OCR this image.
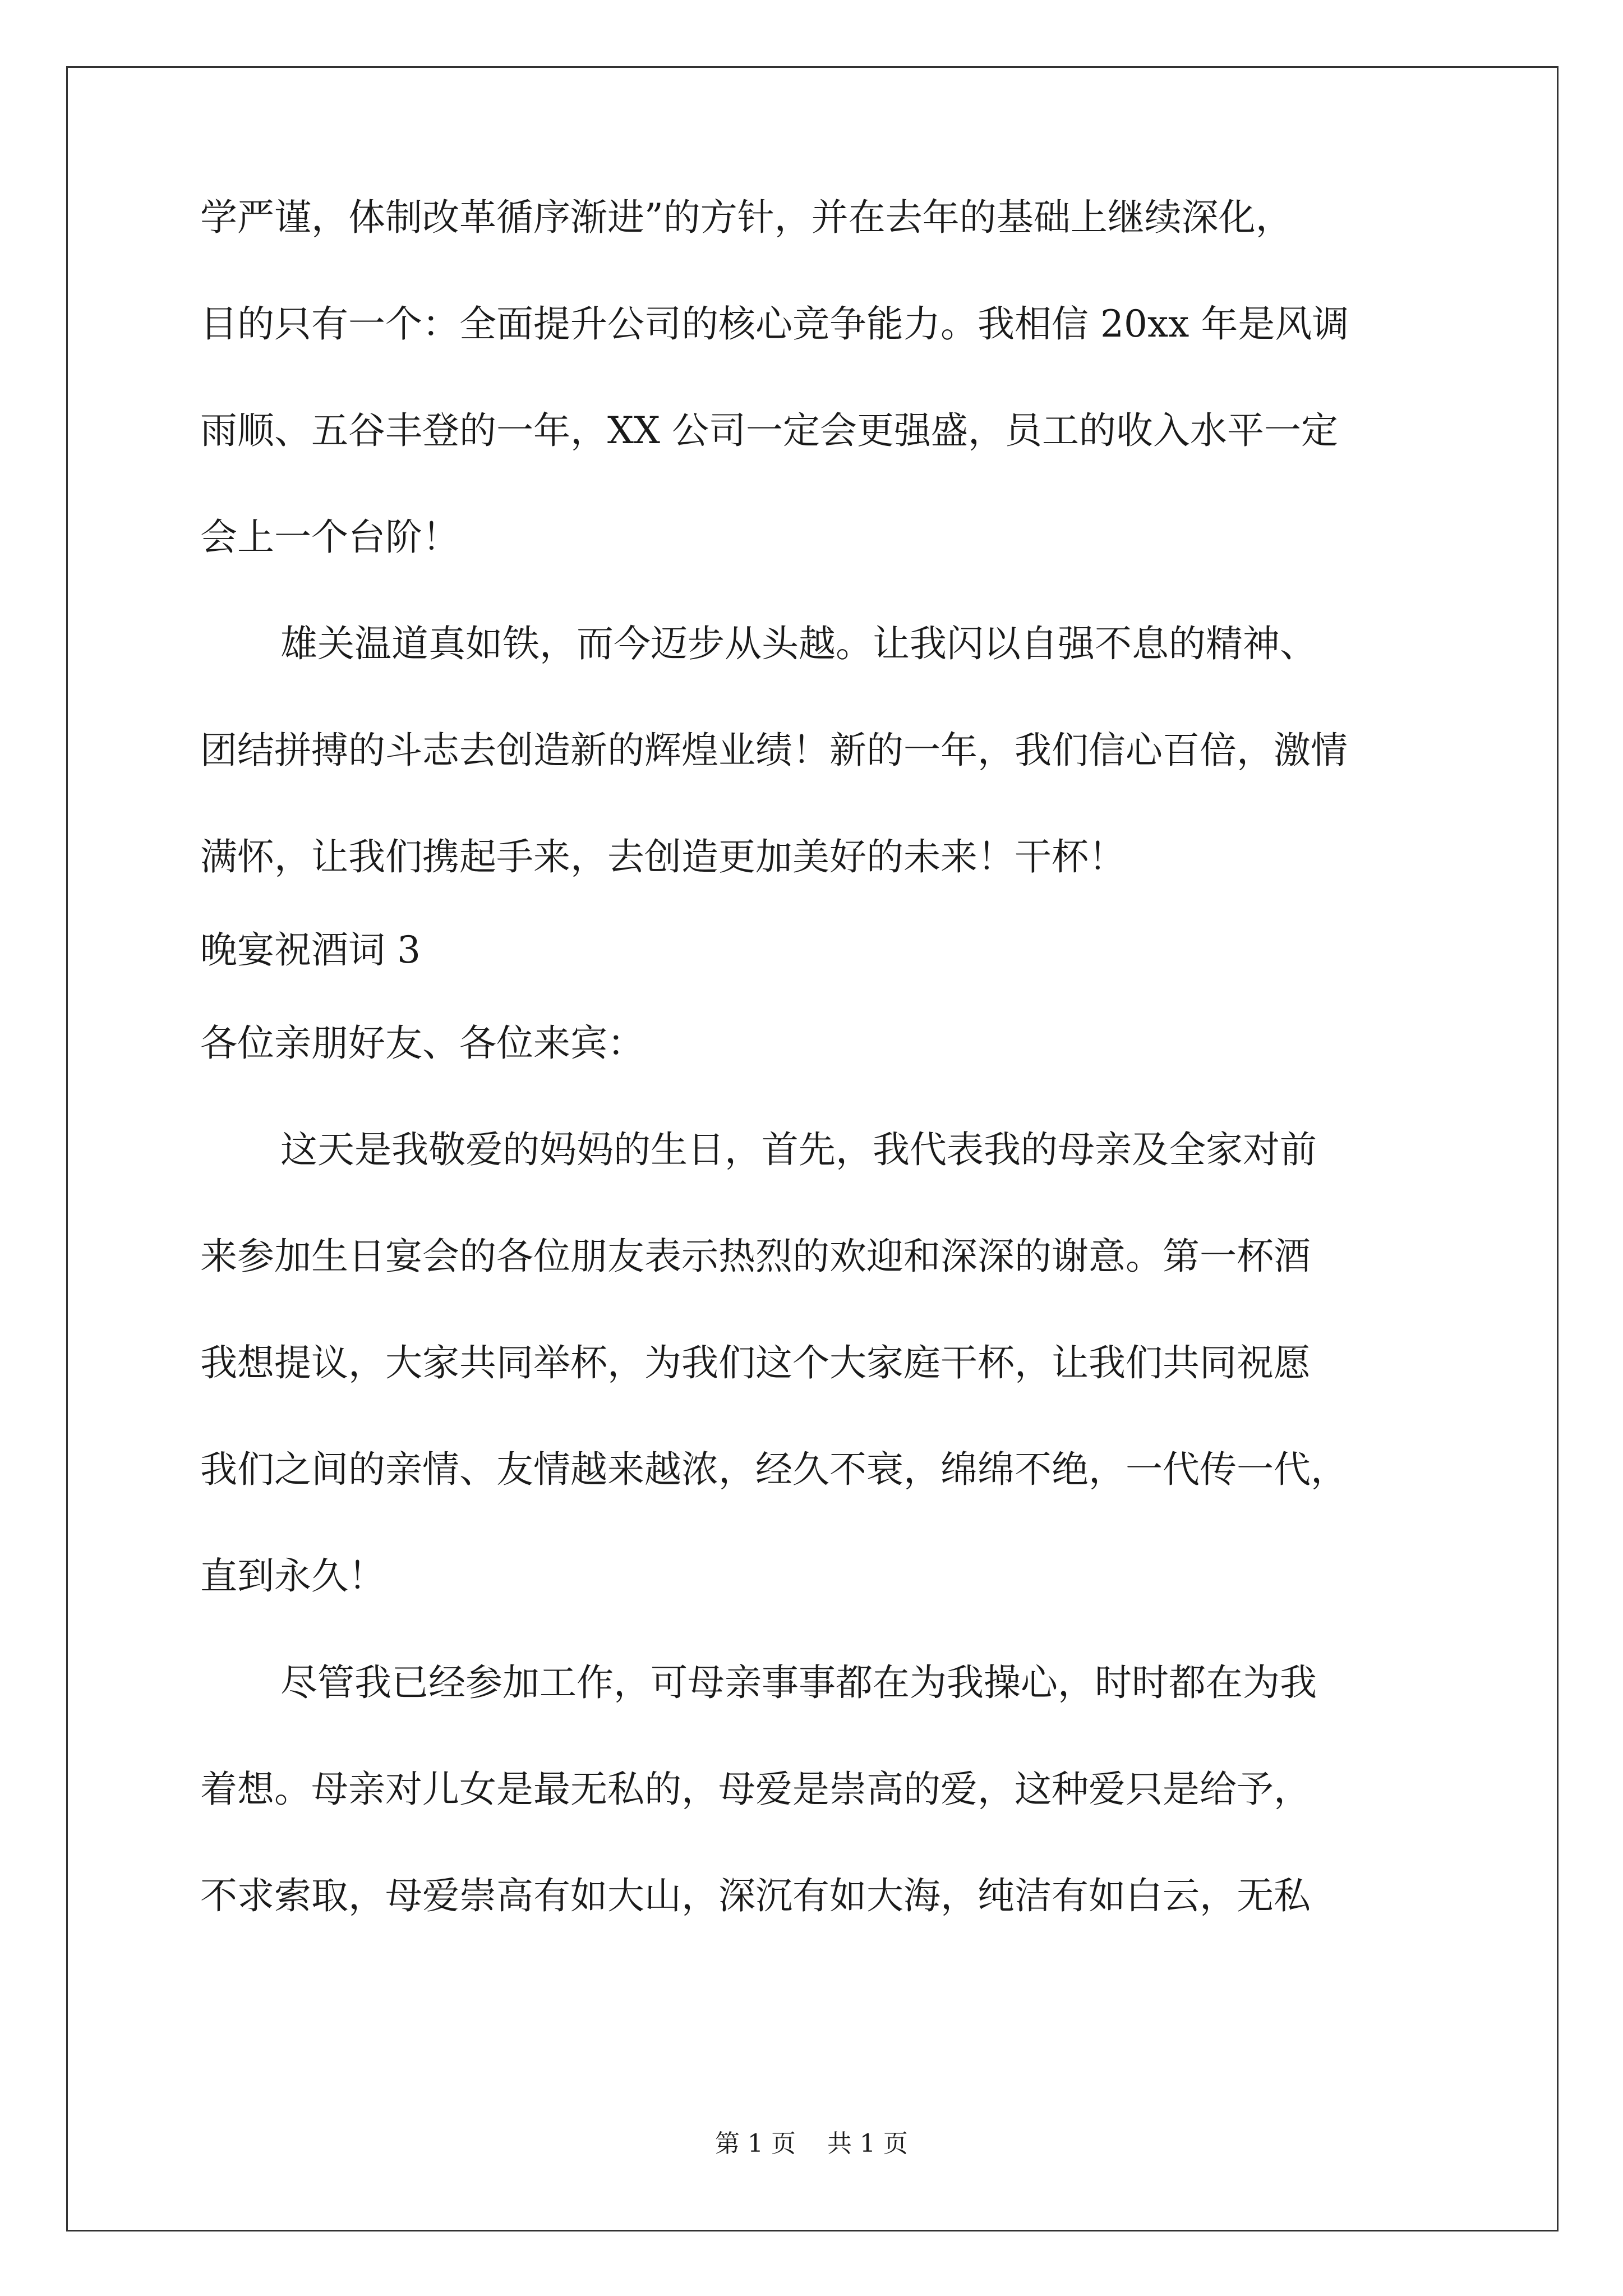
学严谨，体制改革循序渐进”的方针，并在去年的基础上继续深化，
目的只有一个：全面提升公司的核心竞争能力。我相信 20xx 年是风调
雨顺、五谷丰登的一年，XX 公司一定会更强盛，员工的收入水平一定
会上一个台阶！
雄关温道真如铁，而今迈步从头越。让我闪以自强不息的精神、
团结拼搏的斗志去创造新的辉煌业绩！新的一年，我们信心百倍，激情
满怀，让我们携起手来，去创造更加美好的未来！干杯！
晚宴祝酒词 3
各位亲朋好友、各位来宾：
这天是我敬爱的妈妈的生日，首先，我代表我的母亲及全家对前
来参加生日宴会的各位朋友表示热烈的欢迎和深深的谢意。第一杯酒
我想提议，大家共同举杯，为我们这个大家庭干杯，让我们共同祝愿
我们之间的亲情、友情越来越浓，经久不衰，绵绵不绝，一代传一代，
直到永久！
尽管我已经参加工作，可母亲事事都在为我操心，时时都在为我
着想。母亲对儿女是最无私的，母爱是崇高的爱，这种爱只是给予，
不求索取，母爱崇高有如大山，深沉有如大海，纯洁有如白云，无私
第 1 页    共 1 页
